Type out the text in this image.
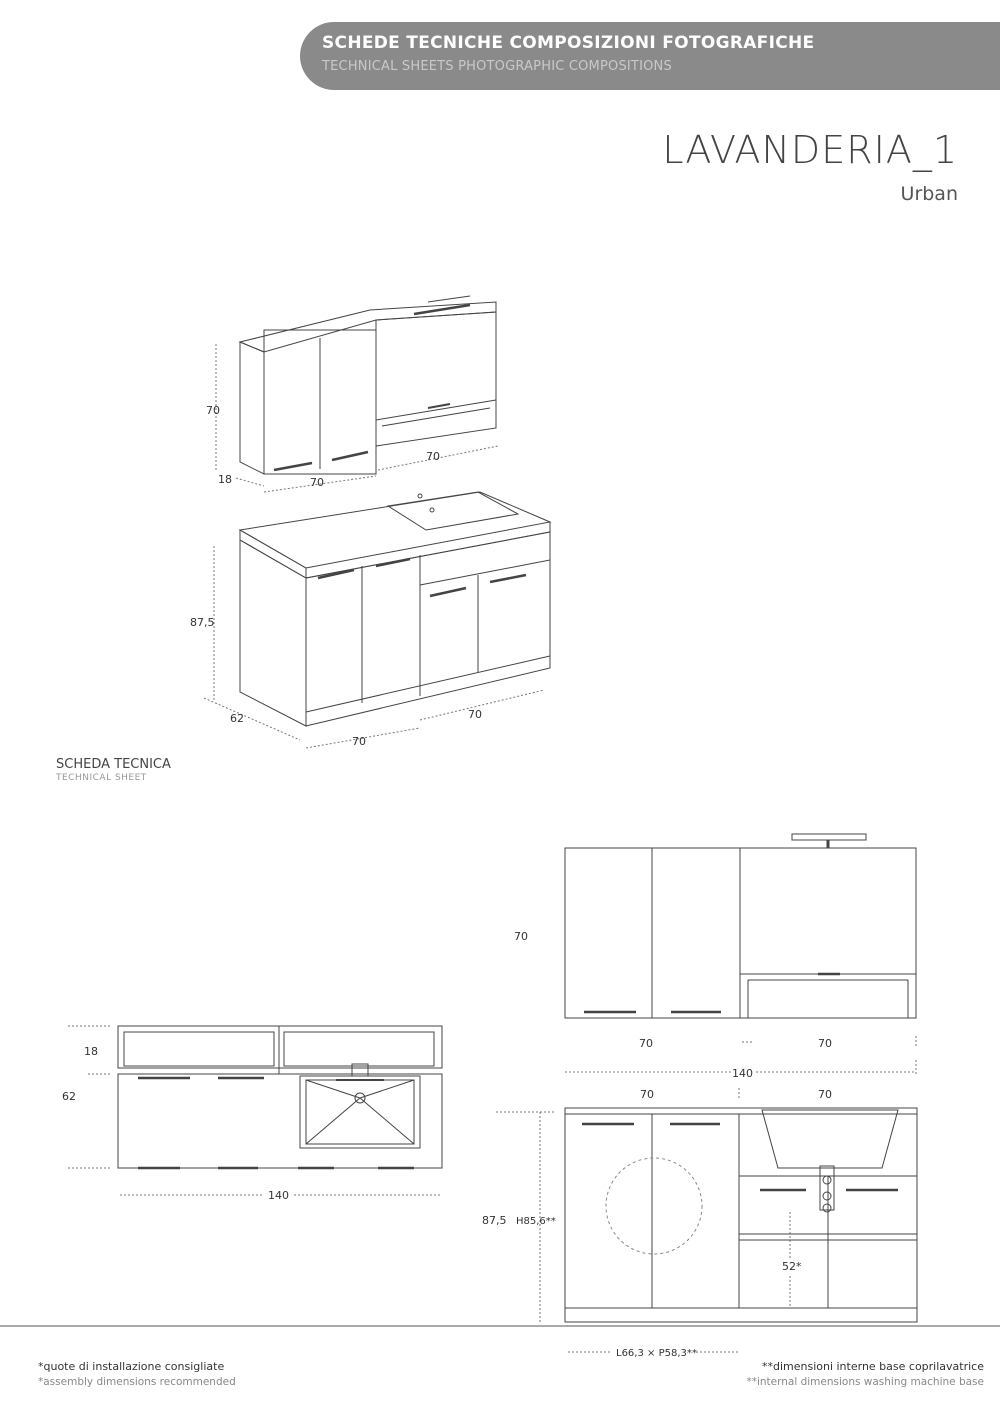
SCHEDE TECNICHE COMPOSIZIONI FOTOGRAFICHE
TECHNICAL SHEETS PHOTOGRAPHIC COMPOSITIONS
LAVANDERIA_1
Urban
SCHEDA TECNICA
TECHNICAL SHEET
70
18	70
70
87,5
62
70
70
18
62
140
70
70	70
140
70	70
87,5 H85,6**
52*
L66,3 × P58,3**
*quote di installazione consigliate
*assembly dimensions recommended
**dimensioni interne base coprilavatrice
**internal dimensions washing machine base
